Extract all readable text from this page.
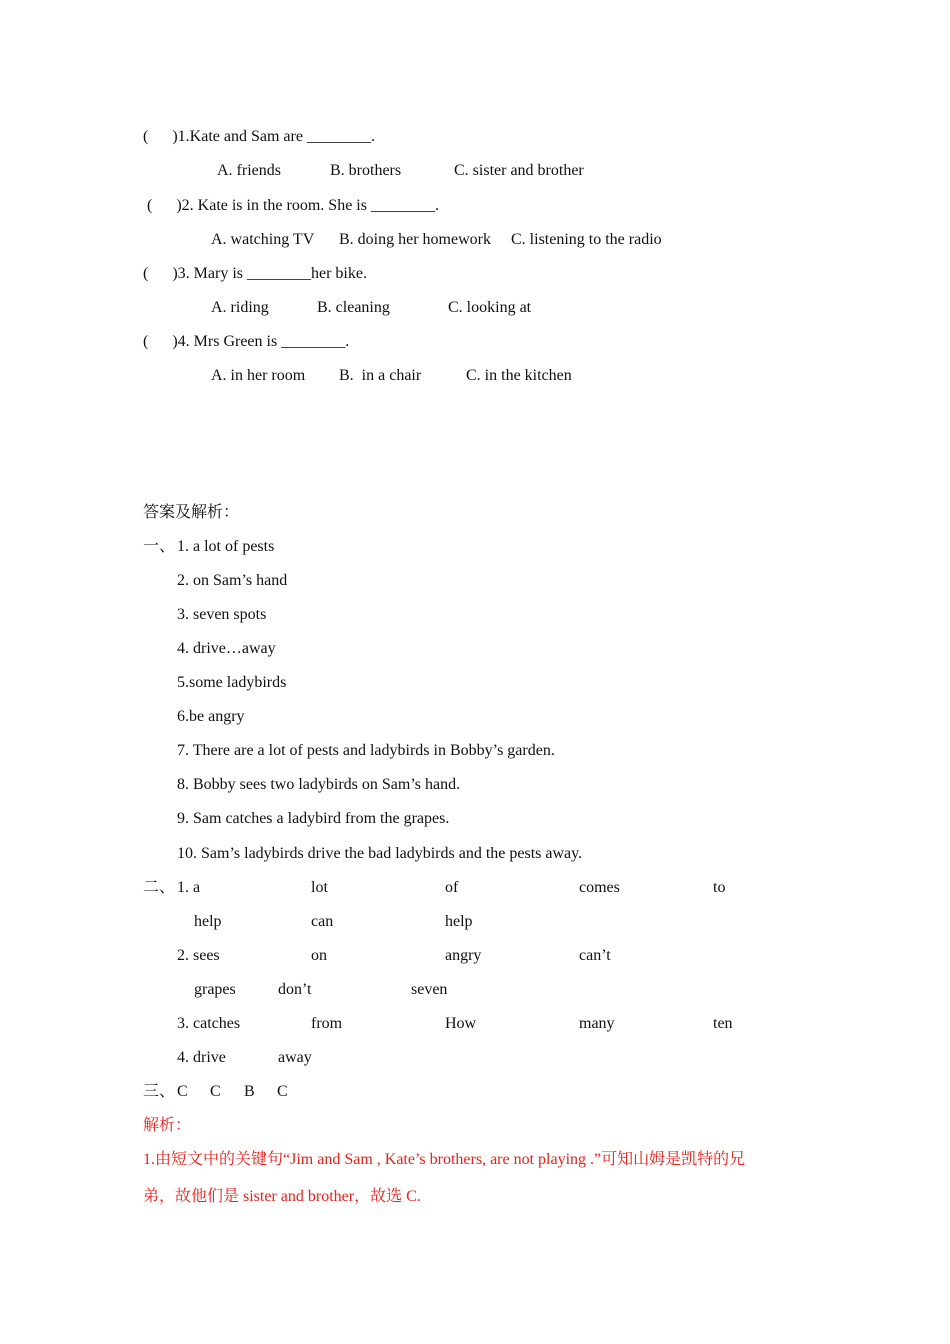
(      )1.Kate and Sam are ________.
A. friends	B. brothers	C. sister and brother
(      )2. Kate is in the room. She is ________.
A. watching TV B. doing her homework C. listening to the radio
(      )3. Mary is ________her bike.
A. riding	B. cleaning	C. looking at
(      )4. Mrs Green is ________.
A. in her room B.  in a chair	C. in the kitchen
答案及解析：
一、 1. a lot of pests
2. on Sam’s hand
3. seven spots
4. drive…away
5.some ladybirds
6.be angry
7. There are a lot of pests and ladybirds in Bobby’s garden.
8. Bobby sees two ladybirds on Sam’s hand.
9. Sam catches a ladybird from the grapes.
10. Sam’s ladybirds drive the bad ladybirds and the pests away.
二、 1. a	lot	of	comes	to
help	can	help
2. sees	on	angry	can’t
grapes	don’t	seven
3. catches	from	How	many	ten
4. drive	away
三、 C C B C
解析：
1.由短文中的关键句“Jim and Sam , Kate’s brothers, are not playing .”可知山姆是凯特的兄
弟，故他们是 sister and brother，故选 C.
